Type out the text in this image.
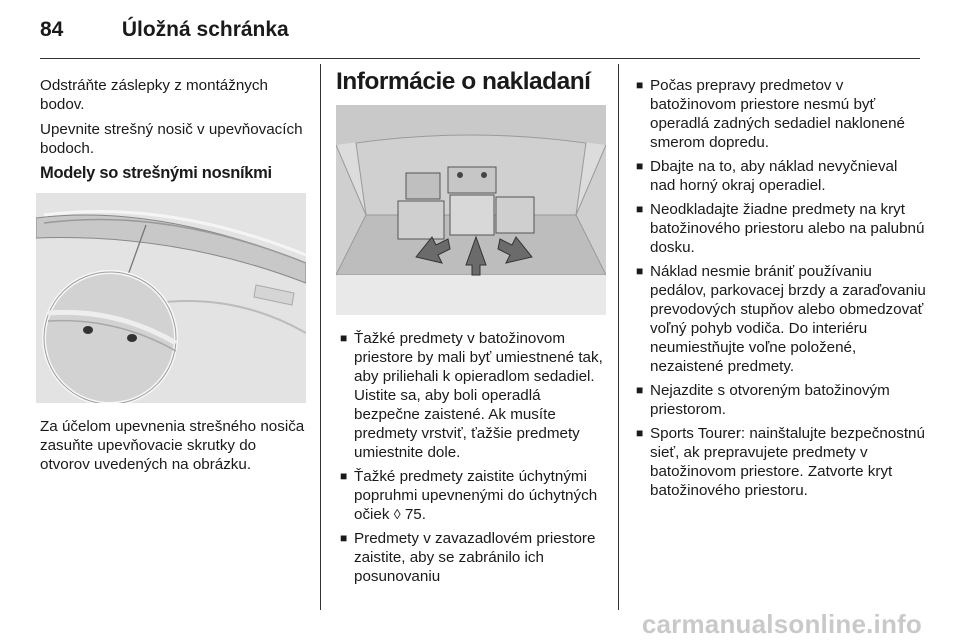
84	Úložná schránka

Odstráňte záslepky z montážnych bodov.

Upevnite strešný nosič v upevňovacích bodoch.

Modely so strešnými nosníkmi

Za účelom upevnenia strešného nosiča zasuňte upevňovacie skrutky do otvorov uvedených na obrázku.

Informácie o nakladaní
■ Ťažké predmety v batožinovom priestore by mali byť umiestnené tak, aby priliehali k opieradlom sedadiel. Uistite sa, aby boli operadlá bezpečne zaistené. Ak musíte predmety vrstviť, ťažšie predmety umiestnite dole.
■ Ťažké predmety zaistite úchytnými popruhmi upevnenými do úchytných očiek ◊ 75.
■ Predmety v zavazadlovém priestore zaistite, aby se zabránilo ich posunovaniu
■ Počas prepravy predmetov v batožinovom priestore nesmú byť operadlá zadných sedadiel naklonené smerom dopredu.
■ Dbajte na to, aby náklad nevyčnieval nad horný okraj operadiel.
■ Neodkladajte žiadne predmety na kryt batožinového priestoru alebo na palubnú dosku.
■ Náklad nesmie brániť používaniu pedálov, parkovacej brzdy a zaraďovaniu prevodových stupňov alebo obmedzovať voľný pohyb vodiča. Do interiéru neumiestňujte voľne položené, nezaistené predmety.
■ Nejazdite s otvoreným batožinovým priestorom.
■ Sports Tourer: nainštalujte bezpečnostnú sieť, ak prepravujete predmety v batožinovom priestore. Zatvorte kryt batožinového priestoru.
carmanualsonline.info
